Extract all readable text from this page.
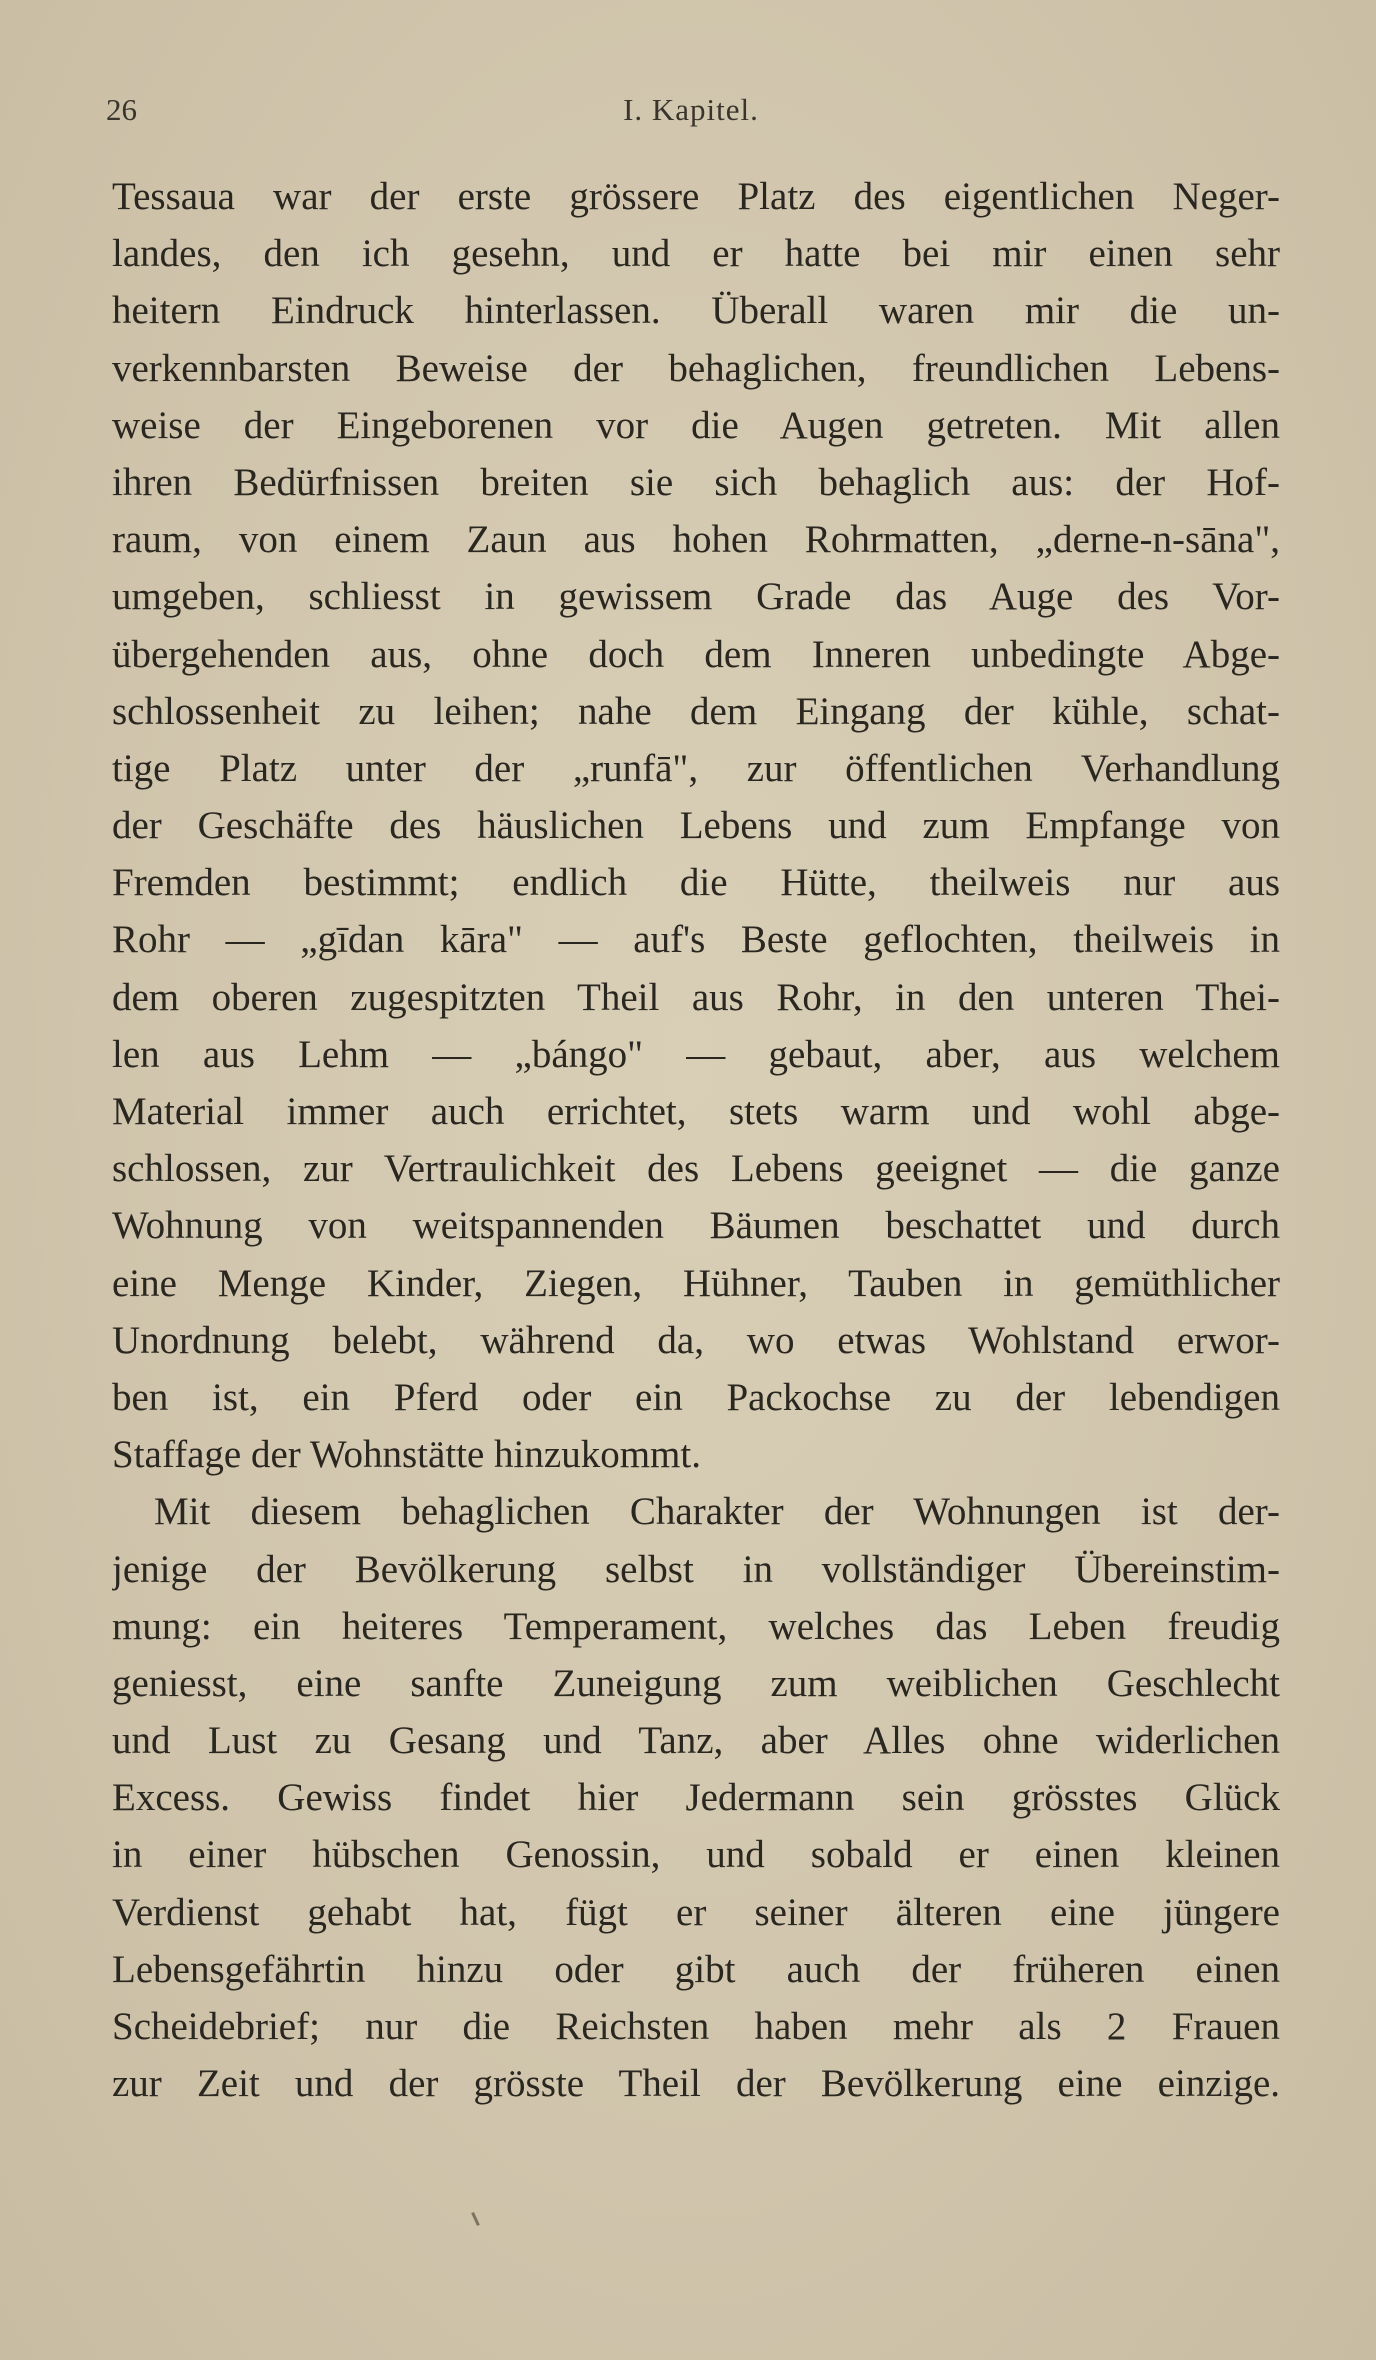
26	I. Kapitel.
Tessaua war der erste grössere Platz des eigentlichen Neger-
landes, den ich gesehn, und er hatte bei mir einen sehr
heitern Eindruck hinterlassen. Überall waren mir die un-
verkennbarsten Beweise der behaglichen, freundlichen Lebens-
weise der Eingeborenen vor die Augen getreten. Mit allen
ihren Bedürfnissen breiten sie sich behaglich aus: der Hof-
raum, von einem Zaun aus hohen Rohrmatten, „derne-n-sāna",
umgeben, schliesst in gewissem Grade das Auge des Vor-
übergehenden aus, ohne doch dem Inneren unbedingte Abge-
schlossenheit zu leihen; nahe dem Eingang der kühle, schat-
tige Platz unter der „runfā", zur öffentlichen Verhandlung
der Geschäfte des häuslichen Lebens und zum Empfange von
Fremden bestimmt; endlich die Hütte, theilweis nur aus
Rohr — „gīdan kāra" — auf's Beste geflochten, theilweis in
dem oberen zugespitzten Theil aus Rohr, in den unteren Thei-
len aus Lehm — „bángo" — gebaut, aber, aus welchem
Material immer auch errichtet, stets warm und wohl abge-
schlossen, zur Vertraulichkeit des Lebens geeignet — die ganze
Wohnung von weitspannenden Bäumen beschattet und durch
eine Menge Kinder, Ziegen, Hühner, Tauben in gemüthlicher
Unordnung belebt, während da, wo etwas Wohlstand erwor-
ben ist, ein Pferd oder ein Packochse zu der lebendigen
Staffage der Wohnstätte hinzukommt.
Mit diesem behaglichen Charakter der Wohnungen ist der-
jenige der Bevölkerung selbst in vollständiger Übereinstim-
mung: ein heiteres Temperament, welches das Leben freudig
geniesst, eine sanfte Zuneigung zum weiblichen Geschlecht
und Lust zu Gesang und Tanz, aber Alles ohne widerlichen
Excess. Gewiss findet hier Jedermann sein grösstes Glück
in einer hübschen Genossin, und sobald er einen kleinen
Verdienst gehabt hat, fügt er seiner älteren eine jüngere
Lebensgefährtin hinzu oder gibt auch der früheren einen
Scheidebrief; nur die Reichsten haben mehr als 2 Frauen
zur Zeit und der grösste Theil der Bevölkerung eine einzige.
